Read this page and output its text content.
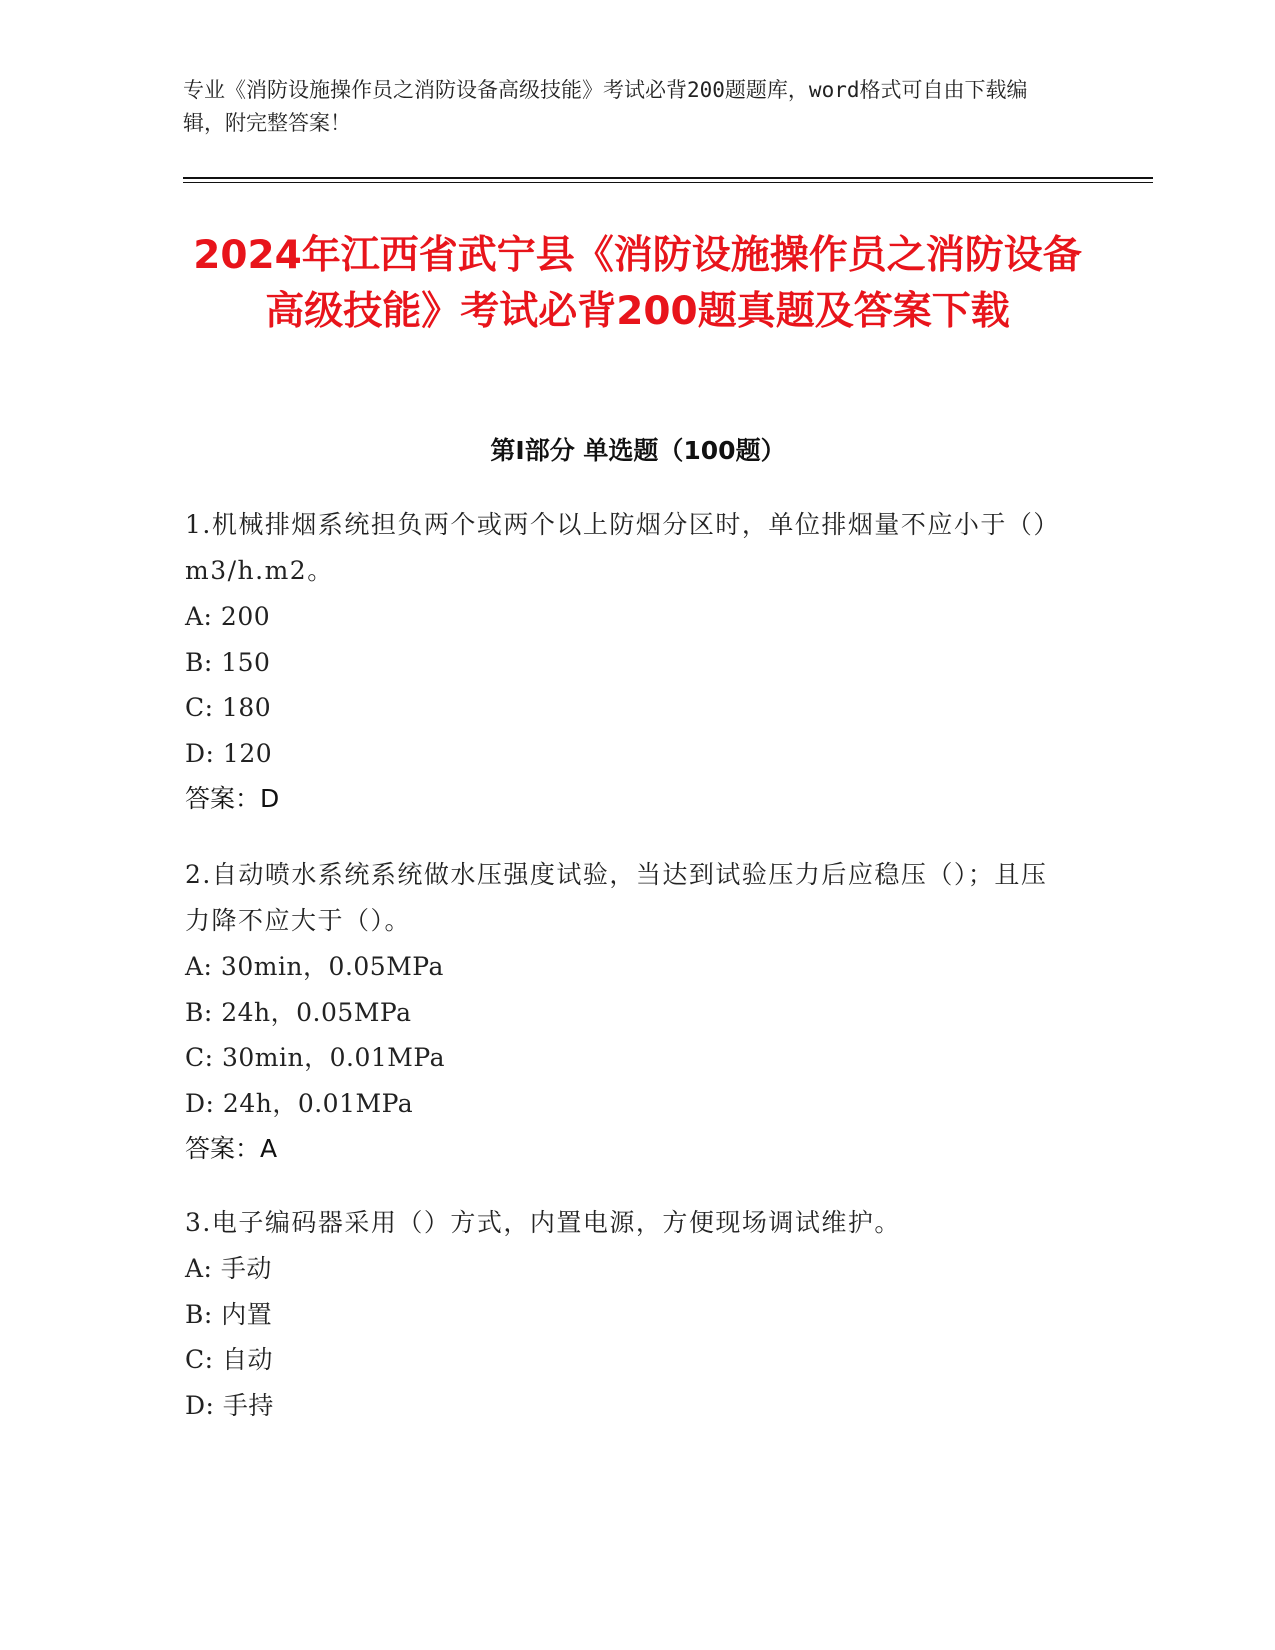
专业《消防设施操作员之消防设备高级技能》考试必背200题题库，word格式可自由下载编辑，附完整答案！
2024年江西省武宁县《消防设施操作员之消防设备高级技能》考试必背200题真题及答案下载
第Ⅰ部分 单选题（100题）
1.机械排烟系统担负两个或两个以上防烟分区时，单位排烟量不应小于（）m3/h.m2。
A: 200
B: 150
C: 180
D: 120
答案：D
2.自动喷水系统系统做水压强度试验，当达到试验压力后应稳压（）；且压力降不应大于（）。
A: 30min，0.05MPa
B: 24h，0.05MPa
C: 30min，0.01MPa
D: 24h，0.01MPa
答案：A
3.电子编码器采用（）方式，内置电源，方便现场调试维护。
A: 手动
B: 内置
C: 自动
D: 手持
